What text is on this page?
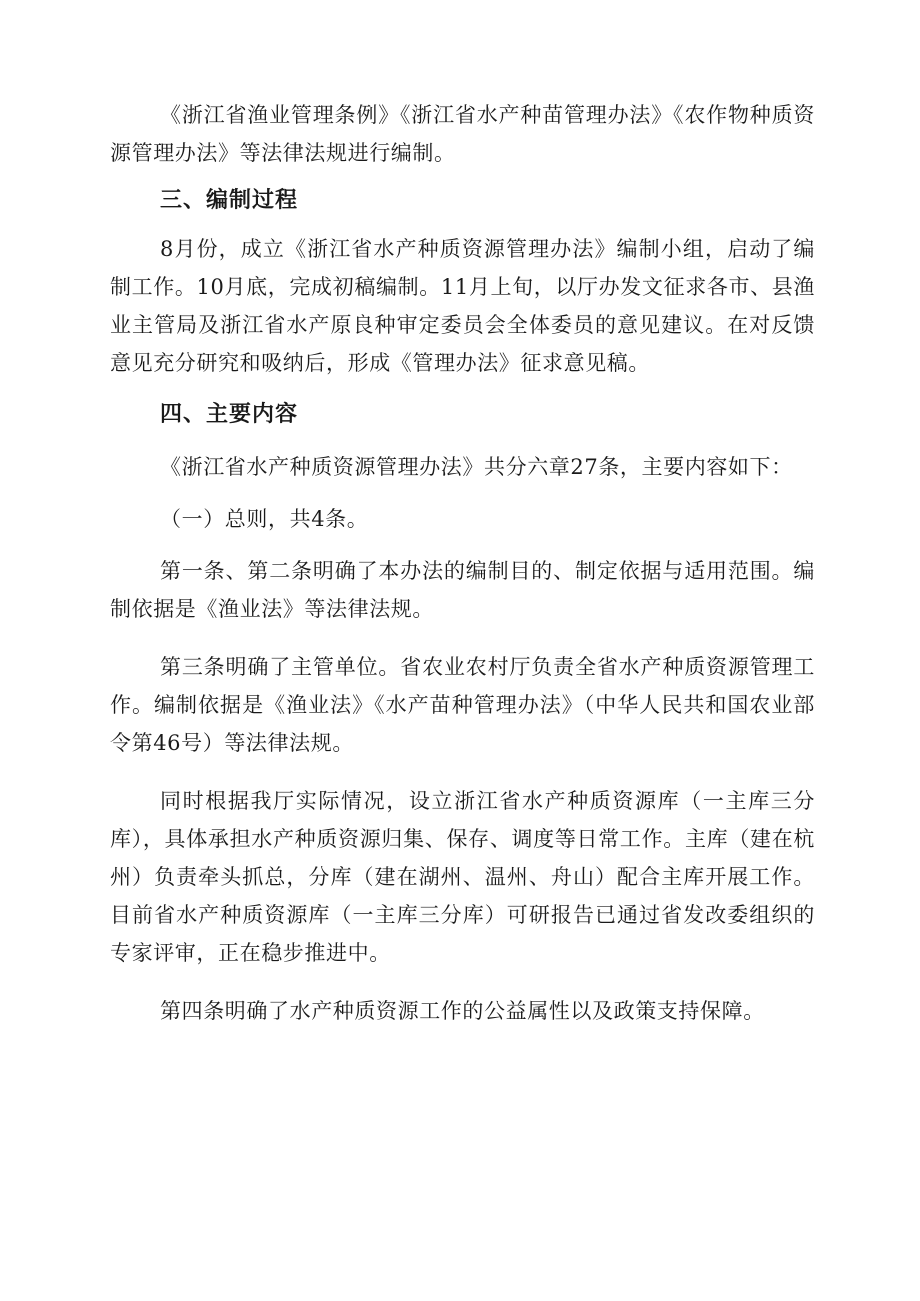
《浙江省渔业管理条例》《浙江省水产种苗管理办法》《农作物种质资源管理办法》等法律法规进行编制。

三、编制过程

8月份，成立《浙江省水产种质资源管理办法》编制小组，启动了编制工作。10月底，完成初稿编制。11月上旬，以厅办发文征求各市、县渔业主管局及浙江省水产原良种审定委员会全体委员的意见建议。在对反馈意见充分研究和吸纳后，形成《管理办法》征求意见稿。

四、主要内容

《浙江省水产种质资源管理办法》共分六章27条，主要内容如下：

（一）总则，共4条。

第一条、第二条明确了本办法的编制目的、制定依据与适用范围。编制依据是《渔业法》等法律法规。

第三条明确了主管单位。省农业农村厅负责全省水产种质资源管理工作。编制依据是《渔业法》《水产苗种管理办法》（中华人民共和国农业部令第46号）等法律法规。

同时根据我厅实际情况，设立浙江省水产种质资源库（一主库三分库），具体承担水产种质资源归集、保存、调度等日常工作。主库（建在杭州）负责牵头抓总，分库（建在湖州、温州、舟山）配合主库开展工作。目前省水产种质资源库（一主库三分库）可研报告已通过省发改委组织的专家评审，正在稳步推进中。

第四条明确了水产种质资源工作的公益属性以及政策支持保障。
